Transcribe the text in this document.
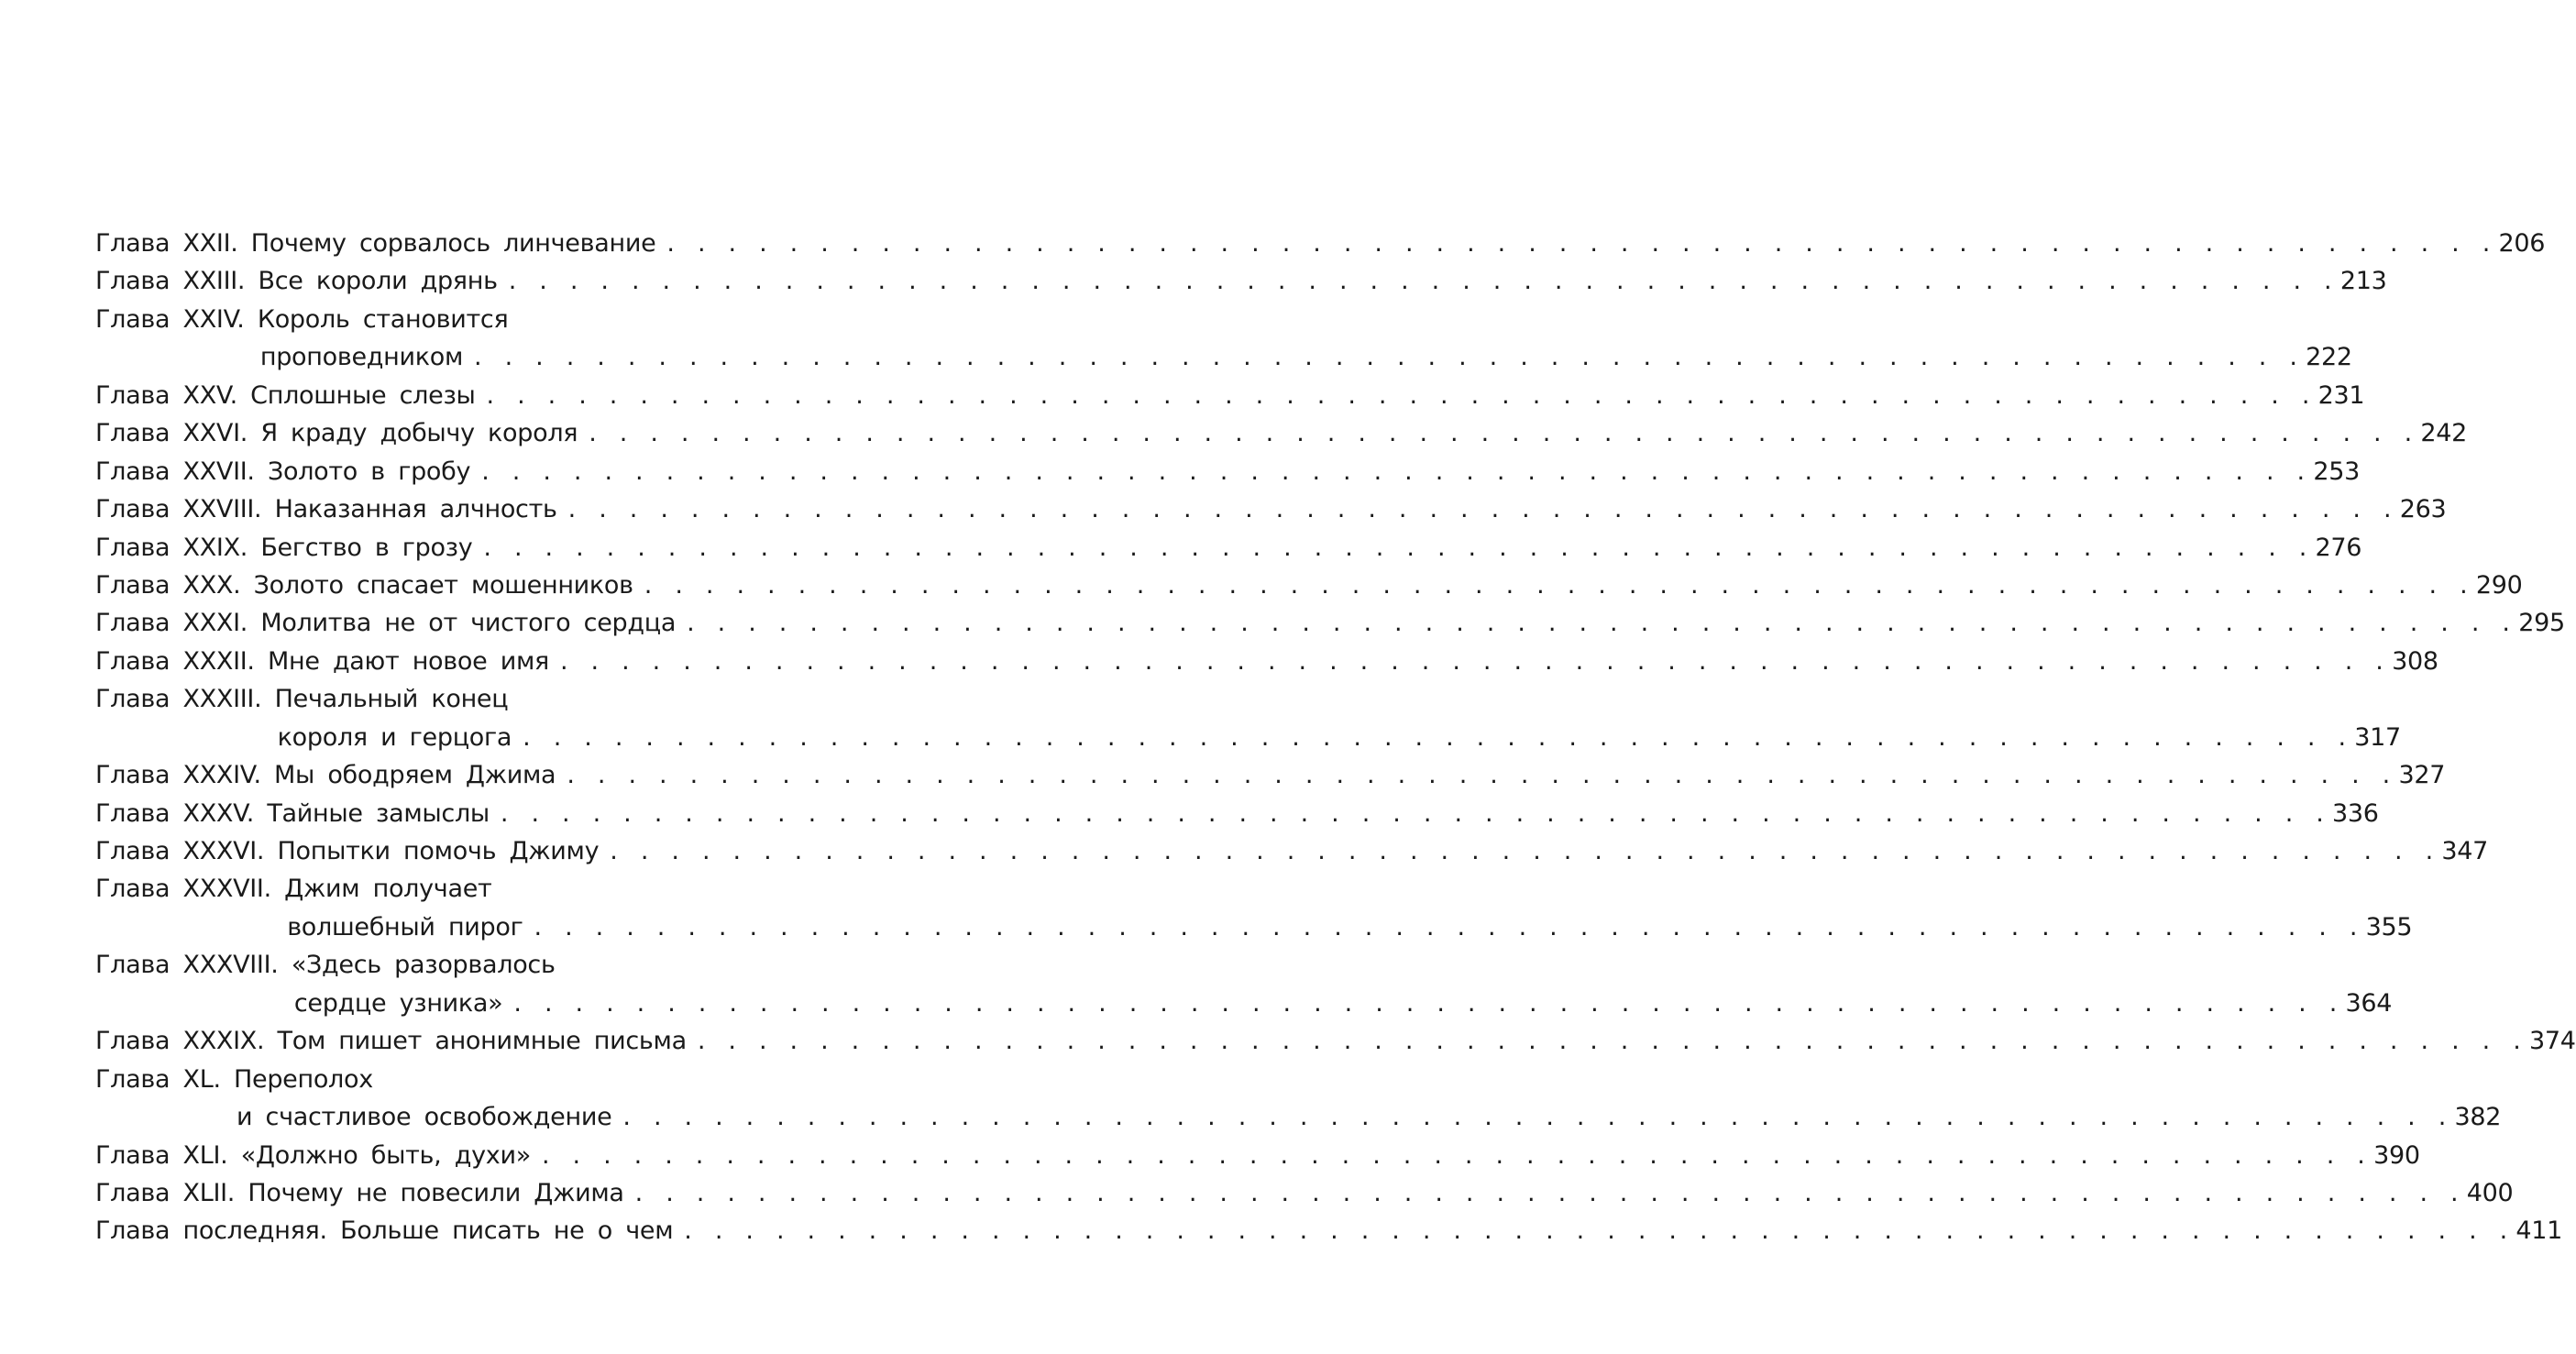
Глава XXII. Почему сорвалось линчевание . . . . . . . . . . . . . . . . . . . . . . . . . . . . . . . . . . . . . . . . . . . . . . . . . . . . . . . . . . . . 206
Глава XXIII. Все короли дрянь . . . . . . . . . . . . . . . . . . . . . . . . . . . . . . . . . . . . . . . . . . . . . . . . . . . . . . . . . . . . 213
Глава XXIV. Король становится
проповедником . . . . . . . . . . . . . . . . . . . . . . . . . . . . . . . . . . . . . . . . . . . . . . . . . . . . . . . . . . . . 222
Глава XXV. Сплошные слезы . . . . . . . . . . . . . . . . . . . . . . . . . . . . . . . . . . . . . . . . . . . . . . . . . . . . . . . . . . . . 231
Глава XXVI. Я краду добычу короля . . . . . . . . . . . . . . . . . . . . . . . . . . . . . . . . . . . . . . . . . . . . . . . . . . . . . . . . . . . . 242
Глава XXVII. Золото в гробу . . . . . . . . . . . . . . . . . . . . . . . . . . . . . . . . . . . . . . . . . . . . . . . . . . . . . . . . . . . . 253
Глава XXVIII. Наказанная алчность . . . . . . . . . . . . . . . . . . . . . . . . . . . . . . . . . . . . . . . . . . . . . . . . . . . . . . . . . . . . 263
Глава XXIX. Бегство в грозу . . . . . . . . . . . . . . . . . . . . . . . . . . . . . . . . . . . . . . . . . . . . . . . . . . . . . . . . . . . . 276
Глава XXX. Золото спасает мошенников . . . . . . . . . . . . . . . . . . . . . . . . . . . . . . . . . . . . . . . . . . . . . . . . . . . . . . . . . . . . 290
Глава XXXI. Молитва не от чистого сердца . . . . . . . . . . . . . . . . . . . . . . . . . . . . . . . . . . . . . . . . . . . . . . . . . . . . . . . . . . . . 295
Глава XXXII. Мне дают новое имя . . . . . . . . . . . . . . . . . . . . . . . . . . . . . . . . . . . . . . . . . . . . . . . . . . . . . . . . . . . . 308
Глава XXXIII. Печальный конец
короля и герцога . . . . . . . . . . . . . . . . . . . . . . . . . . . . . . . . . . . . . . . . . . . . . . . . . . . . . . . . . . . . 317
Глава XXXIV. Мы ободряем Джима . . . . . . . . . . . . . . . . . . . . . . . . . . . . . . . . . . . . . . . . . . . . . . . . . . . . . . . . . . . . 327
Глава XXXV. Тайные замыслы . . . . . . . . . . . . . . . . . . . . . . . . . . . . . . . . . . . . . . . . . . . . . . . . . . . . . . . . . . . . 336
Глава XXXVI. Попытки помочь Джиму . . . . . . . . . . . . . . . . . . . . . . . . . . . . . . . . . . . . . . . . . . . . . . . . . . . . . . . . . . . . 347
Глава XXXVII. Джим получает
волшебный пирог . . . . . . . . . . . . . . . . . . . . . . . . . . . . . . . . . . . . . . . . . . . . . . . . . . . . . . . . . . . . 355
Глава XXXVIII. «Здесь разорвалось
сердце узника» . . . . . . . . . . . . . . . . . . . . . . . . . . . . . . . . . . . . . . . . . . . . . . . . . . . . . . . . . . . . 364
Глава XXXIX. Том пишет анонимные письма . . . . . . . . . . . . . . . . . . . . . . . . . . . . . . . . . . . . . . . . . . . . . . . . . . . . . . . . . . . . 374
Глава XL. Переполох
и счастливое освобождение . . . . . . . . . . . . . . . . . . . . . . . . . . . . . . . . . . . . . . . . . . . . . . . . . . . . . . . . . . . . 382
Глава XLI. «Должно быть, духи» . . . . . . . . . . . . . . . . . . . . . . . . . . . . . . . . . . . . . . . . . . . . . . . . . . . . . . . . . . . . 390
Глава XLII. Почему не повесили Джима . . . . . . . . . . . . . . . . . . . . . . . . . . . . . . . . . . . . . . . . . . . . . . . . . . . . . . . . . . . . 400
Глава последняя. Больше писать не о чем . . . . . . . . . . . . . . . . . . . . . . . . . . . . . . . . . . . . . . . . . . . . . . . . . . . . . . . . . . . . 411
